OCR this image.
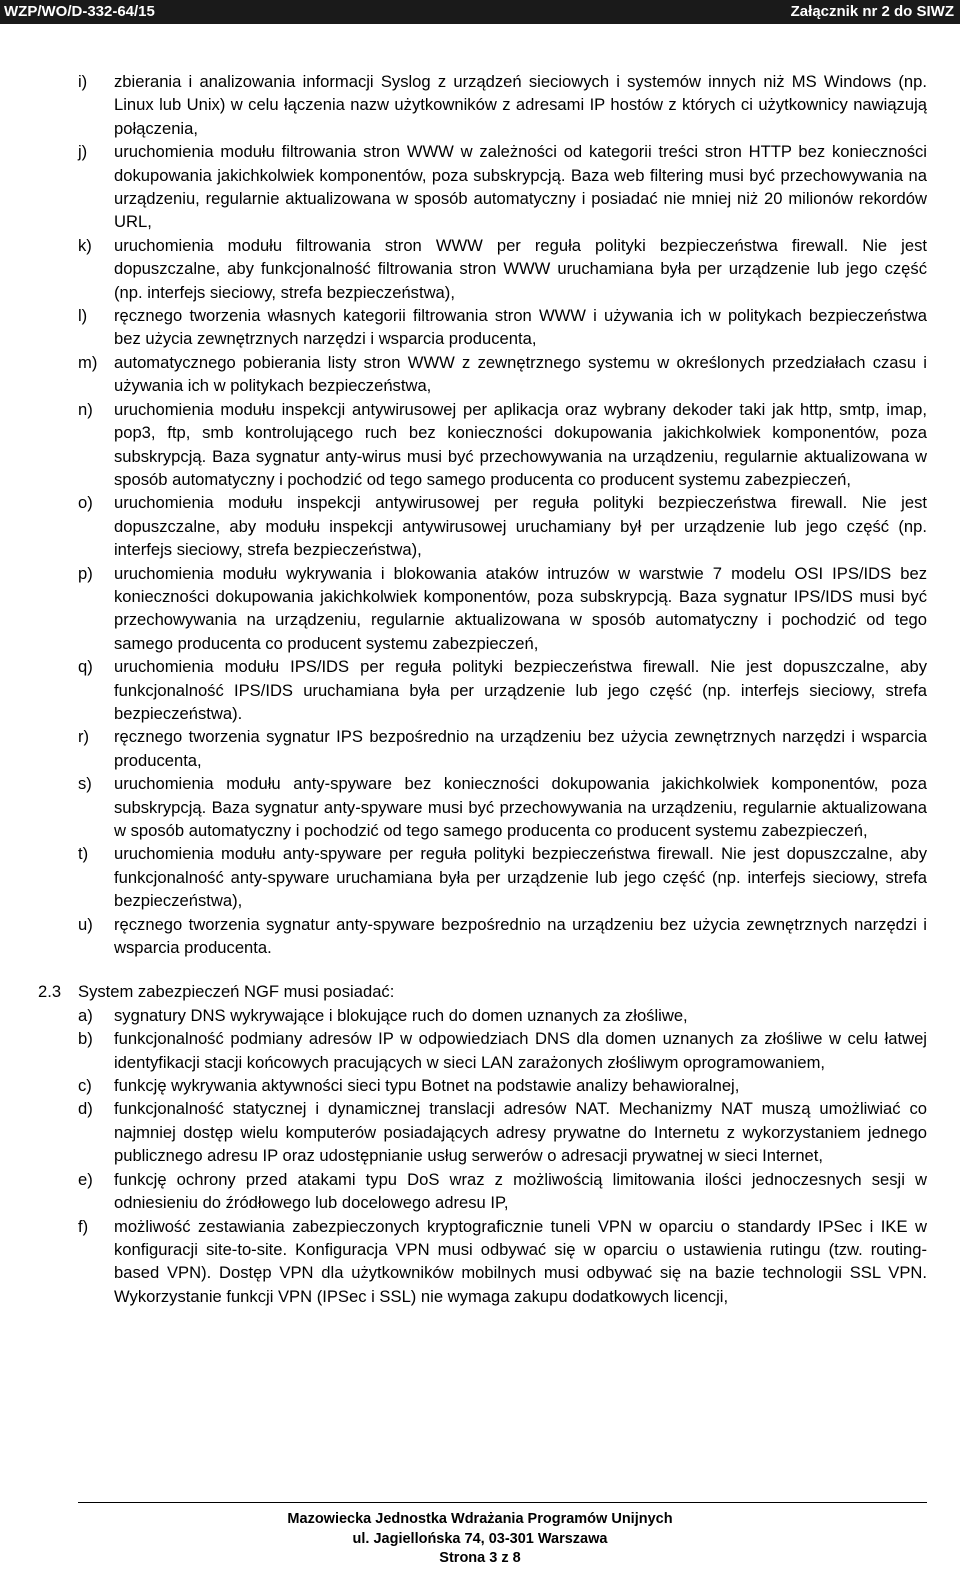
WZP/WO/D-332-64/15	Załącznik nr 2 do SIWZ
i) zbierania i analizowania informacji Syslog z urządzeń sieciowych i systemów innych niż MS Windows (np. Linux lub Unix) w celu łączenia nazw użytkowników z adresami IP hostów z których ci użytkownicy nawiązują połączenia,
j) uruchomienia modułu filtrowania stron WWW w zależności od kategorii treści stron HTTP bez konieczności dokupowania jakichkolwiek komponentów, poza subskrypcją. Baza web filtering musi być przechowywania na urządzeniu, regularnie aktualizowana w sposób automatyczny i posiadać nie mniej niż 20 milionów rekordów URL,
k) uruchomienia modułu filtrowania stron WWW per reguła polityki bezpieczeństwa firewall. Nie jest dopuszczalne, aby funkcjonalność filtrowania stron WWW uruchamiana była per urządzenie lub jego część (np. interfejs sieciowy, strefa bezpieczeństwa),
l) ręcznego tworzenia własnych kategorii filtrowania stron WWW i używania ich w politykach bezpieczeństwa bez użycia zewnętrznych narzędzi i wsparcia producenta,
m) automatycznego pobierania listy stron WWW z zewnętrznego systemu w określonych przedziałach czasu i używania ich w politykach bezpieczeństwa,
n) uruchomienia modułu inspekcji antywirusowej per aplikacja oraz wybrany dekoder taki jak http, smtp, imap, pop3, ftp, smb kontrolującego ruch bez konieczności dokupowania jakichkolwiek komponentów, poza subskrypcją. Baza sygnatur anty-wirus musi być przechowywania na urządzeniu, regularnie aktualizowana w sposób automatyczny i pochodzić od tego samego producenta co producent systemu zabezpieczeń,
o) uruchomienia modułu inspekcji antywirusowej per reguła polityki bezpieczeństwa firewall. Nie jest dopuszczalne, aby modułu inspekcji antywirusowej uruchamiany był per urządzenie lub jego część (np. interfejs sieciowy, strefa bezpieczeństwa),
p) uruchomienia modułu wykrywania i blokowania ataków intruzów w warstwie 7 modelu OSI IPS/IDS bez konieczności dokupowania jakichkolwiek komponentów, poza subskrypcją. Baza sygnatur IPS/IDS musi być przechowywania na urządzeniu, regularnie aktualizowana w sposób automatyczny i pochodzić od tego samego producenta co producent systemu zabezpieczeń,
q) uruchomienia modułu IPS/IDS per reguła polityki bezpieczeństwa firewall. Nie jest dopuszczalne, aby funkcjonalność IPS/IDS uruchamiana była per urządzenie lub jego część (np. interfejs sieciowy, strefa bezpieczeństwa).
r) ręcznego tworzenia sygnatur IPS bezpośrednio na urządzeniu bez użycia zewnętrznych narzędzi i wsparcia producenta,
s) uruchomienia modułu anty-spyware bez konieczności dokupowania jakichkolwiek komponentów, poza subskrypcją. Baza sygnatur anty-spyware musi być przechowywania na urządzeniu, regularnie aktualizowana w sposób automatyczny i pochodzić od tego samego producenta co producent systemu zabezpieczeń,
t) uruchomienia modułu anty-spyware per reguła polityki bezpieczeństwa firewall. Nie jest dopuszczalne, aby funkcjonalność anty-spyware uruchamiana była per urządzenie lub jego część (np. interfejs sieciowy, strefa bezpieczeństwa),
u) ręcznego tworzenia sygnatur anty-spyware bezpośrednio na urządzeniu bez użycia zewnętrznych narzędzi i wsparcia producenta.
2.3 System zabezpieczeń NGF musi posiadać:
a) sygnatury DNS wykrywające i blokujące ruch do domen uznanych za złośliwe,
b) funkcjonalność podmiany adresów IP w odpowiedziach DNS dla domen uznanych za złośliwe w celu łatwej identyfikacji stacji końcowych pracujących w sieci LAN zarażonych złośliwym oprogramowaniem,
c) funkcję wykrywania aktywności sieci typu Botnet na podstawie analizy behawioralnej,
d) funkcjonalność statycznej i dynamicznej translacji adresów NAT. Mechanizmy NAT muszą umożliwiać co najmniej dostęp wielu komputerów posiadających adresy prywatne do Internetu z wykorzystaniem jednego publicznego adresu IP oraz udostępnianie usług serwerów o adresacji prywatnej w sieci Internet,
e) funkcję ochrony przed atakami typu DoS wraz z możliwością limitowania ilości jednoczesnych sesji w odniesieniu do źródłowego lub docelowego adresu IP,
f) możliwość zestawiania zabezpieczonych kryptograficznie tuneli VPN w oparciu o standardy IPSec i IKE w konfiguracji site-to-site. Konfiguracja VPN musi odbywać się w oparciu o ustawienia rutingu (tzw. routing-based VPN). Dostęp VPN dla użytkowników mobilnych musi odbywać się na bazie technologii SSL VPN. Wykorzystanie funkcji VPN (IPSec i SSL) nie wymaga zakupu dodatkowych licencji,
Mazowiecka Jednostka Wdrażania Programów Unijnych
ul. Jagiellońska 74, 03-301 Warszawa
Strona 3 z 8
